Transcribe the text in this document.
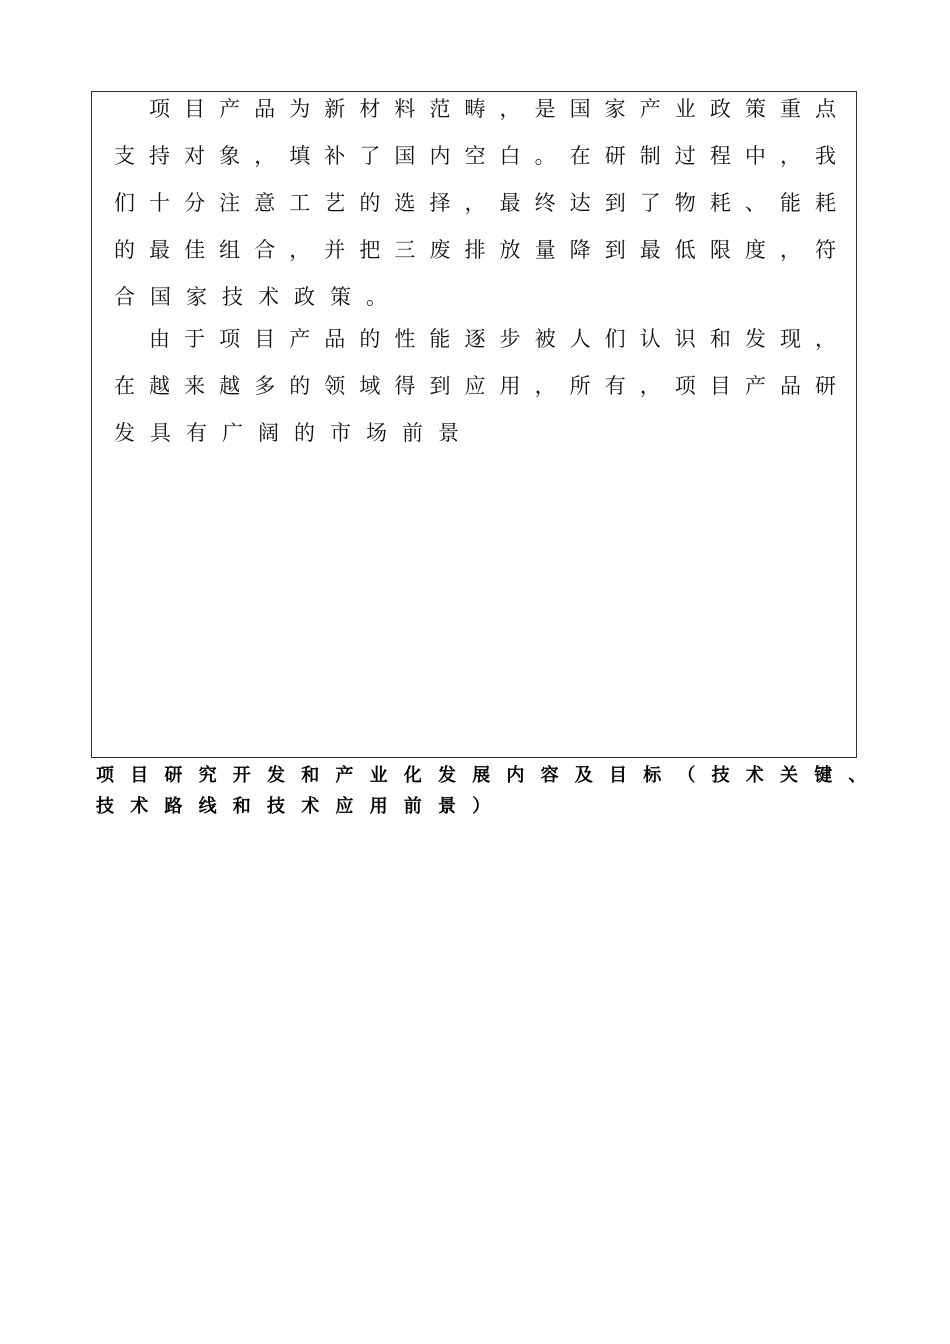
项 目 产 品 为 新 材 料 范 畴 ， 是 国 家 产 业 政 策 重 点
支 持 对 象 ， 填 补 了 国 内 空 白 。 在 研 制 过 程 中 ， 我
们 十 分 注 意 工 艺 的 选 择 ， 最 终 达 到 了 物 耗 、 能 耗
的 最 佳 组 合 ， 并 把 三 废 排 放 量 降 到 最 低 限 度 ， 符
合 国 家 技 术 政 策 。
由 于 项 目 产 品 的 性 能 逐 步 被 人 们 认 识 和 发 现 ，
在 越 来 越 多 的 领 域 得 到 应 用 ， 所 有 ， 项 目 产 品 研
发 具 有 广 阔 的 市 场 前 景
项 目 研 究 开 发 和 产 业 化 发 展 内 容 及 目 标 （ 技 术 关 键 、
技 术 路 线 和 技 术 应 用 前 景 ）
